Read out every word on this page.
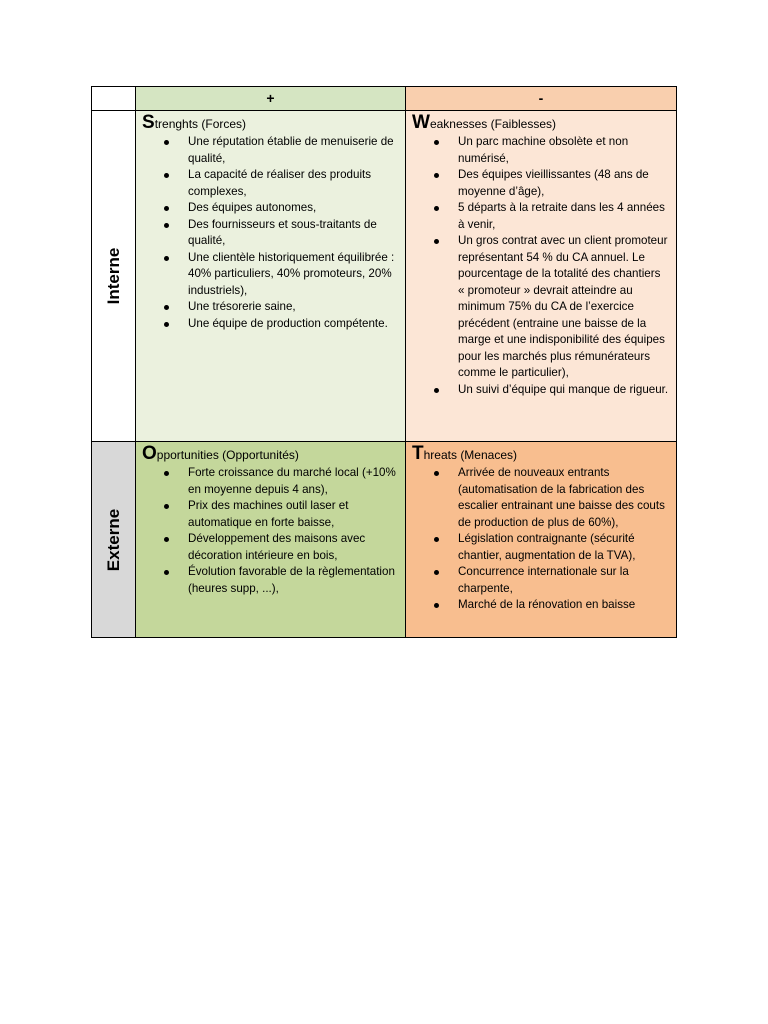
+	-
Interne
Externe
Strenghts (Forces)
Une réputation établie de menuiserie de qualité,
La capacité de réaliser des produits complexes,
Des équipes autonomes,
Des fournisseurs et sous-traitants de qualité,
Une clientèle historiquement équilibrée : 40% particuliers, 40% promoteurs, 20% industriels),
Une trésorerie saine,
Une équipe de production compétente.
Weaknesses (Faiblesses)
Un parc machine obsolète et non numérisé,
Des équipes vieillissantes (48 ans de moyenne d’âge),
5 départs à la retraite dans les 4 années à venir,
Un gros contrat avec un client promoteur représentant 54 % du CA annuel. Le pourcentage de la totalité des chantiers « promoteur » devrait atteindre au minimum 75% du CA de l’exercice précédent (entraine une baisse de la marge et une indisponibilité des équipes pour les marchés plus rémunérateurs comme le particulier),
Un suivi d’équipe qui manque de rigueur.
Opportunities (Opportunités)
Forte croissance du marché local (+10% en moyenne depuis 4 ans),
Prix des machines outil laser et automatique en forte baisse,
Développement des maisons avec décoration intérieure en bois,
Évolution favorable de la règlementation (heures supp, ...),
Threats (Menaces)
Arrivée de nouveaux entrants (automatisation de la fabrication des escalier entrainant une baisse des couts de production de plus de 60%),
Législation contraignante (sécurité chantier, augmentation de la TVA),
Concurrence internationale sur la charpente,
Marché de la rénovation en baisse
